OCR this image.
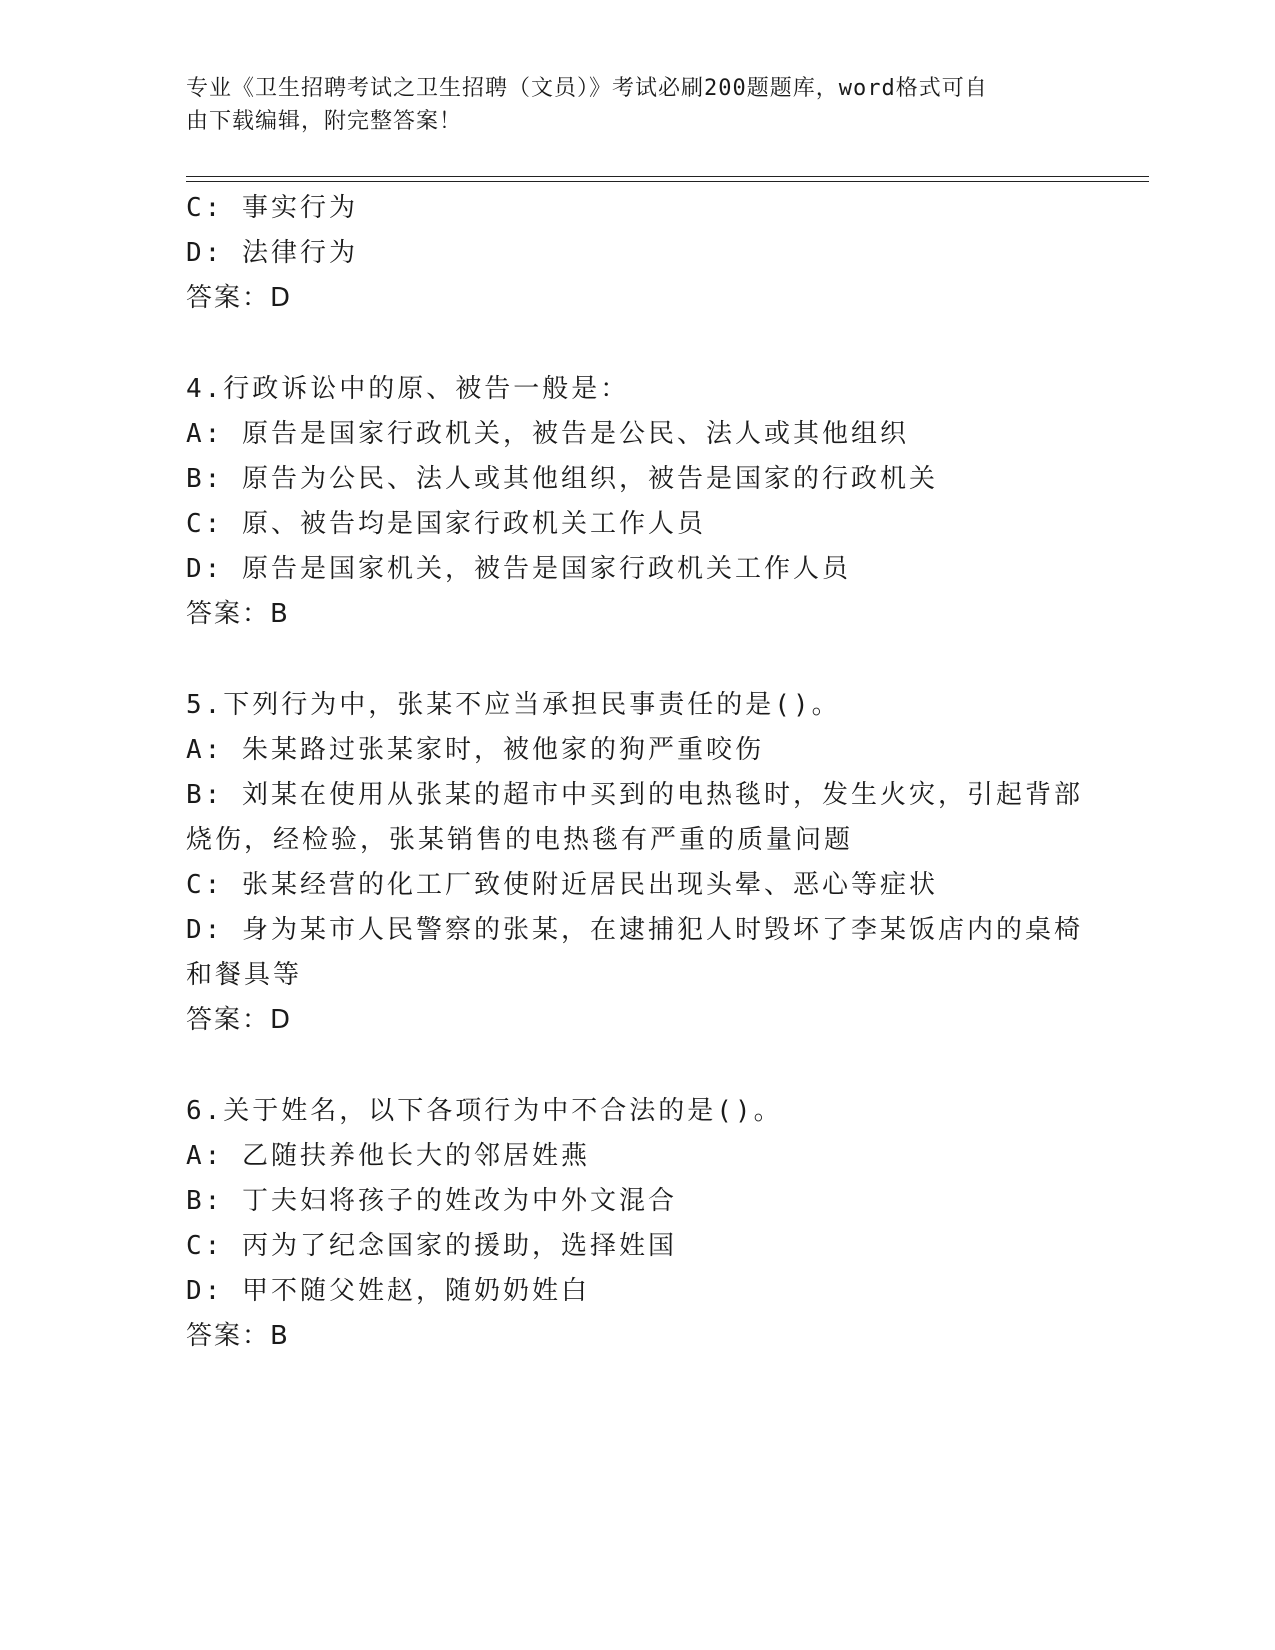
专业《卫生招聘考试之卫生招聘（文员）》考试必刷200题题库，word格式可自
由下载编辑，附完整答案！
C: 事实行为
D: 法律行为
答案：D
4.行政诉讼中的原、被告一般是：
A: 原告是国家行政机关，被告是公民、法人或其他组织
B: 原告为公民、法人或其他组织，被告是国家的行政机关
C: 原、被告均是国家行政机关工作人员
D: 原告是国家机关，被告是国家行政机关工作人员
答案：B
5.下列行为中，张某不应当承担民事责任的是()。
A: 朱某路过张某家时，被他家的狗严重咬伤
B: 刘某在使用从张某的超市中买到的电热毯时，发生火灾，引起背部
烧伤，经检验，张某销售的电热毯有严重的质量问题
C: 张某经营的化工厂致使附近居民出现头晕、恶心等症状
D: 身为某市人民警察的张某，在逮捕犯人时毁坏了李某饭店内的桌椅
和餐具等
答案：D
6.关于姓名，以下各项行为中不合法的是()。
A: 乙随扶养他长大的邻居姓燕
B: 丁夫妇将孩子的姓改为中外文混合
C: 丙为了纪念国家的援助，选择姓国
D: 甲不随父姓赵，随奶奶姓白
答案：B
